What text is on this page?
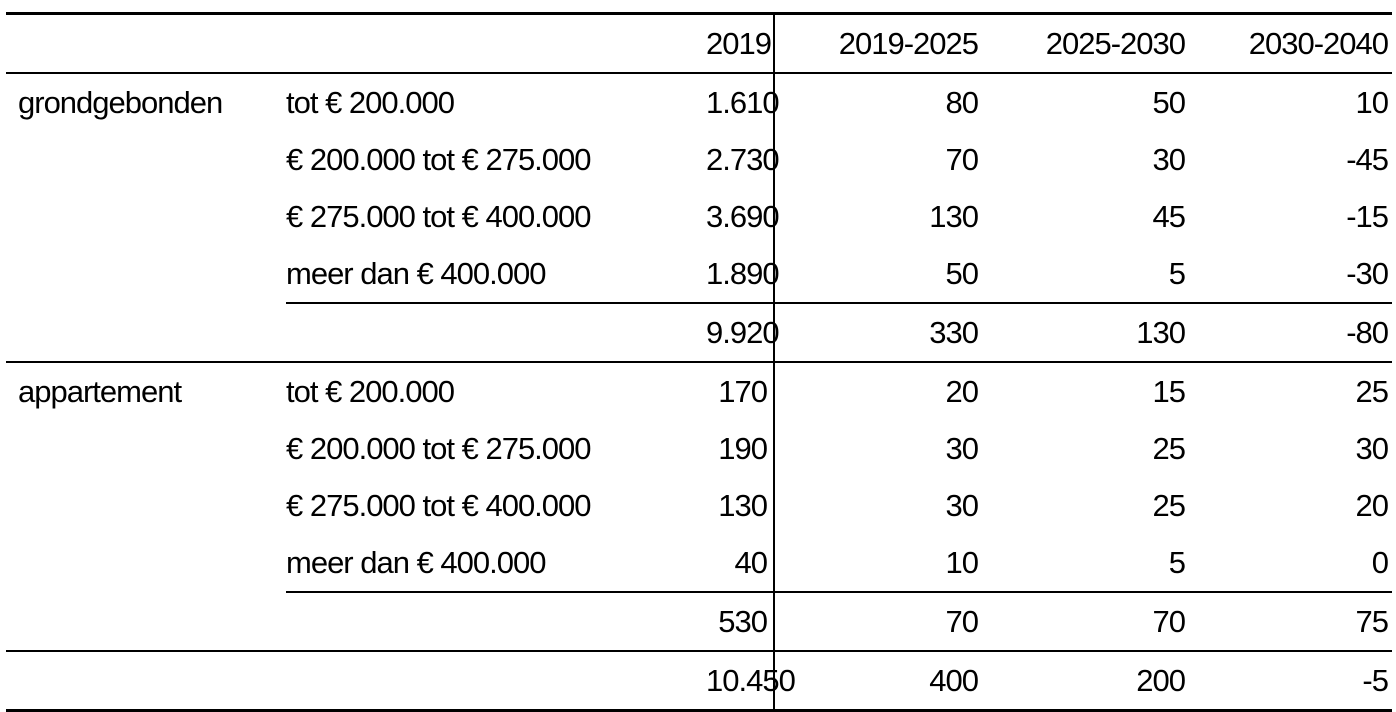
		2019	2019-2025	2025-2030	2030-2040
grondgebonden	tot € 200.000	1.610	80	50	10
	€ 200.000 tot € 275.000	2.730	70	30	-45
	€ 275.000 tot € 400.000	3.690	130	45	-15
	meer dan € 400.000	1.890	50	5	-30
		9.920	330	130	-80
appartement	tot € 200.000	170	20	15	25
	€ 200.000 tot € 275.000	190	30	25	30
	€ 275.000 tot € 400.000	130	30	25	20
	meer dan € 400.000	40	10	5	0
		530	70	70	75
		10.450	400	200	-5
